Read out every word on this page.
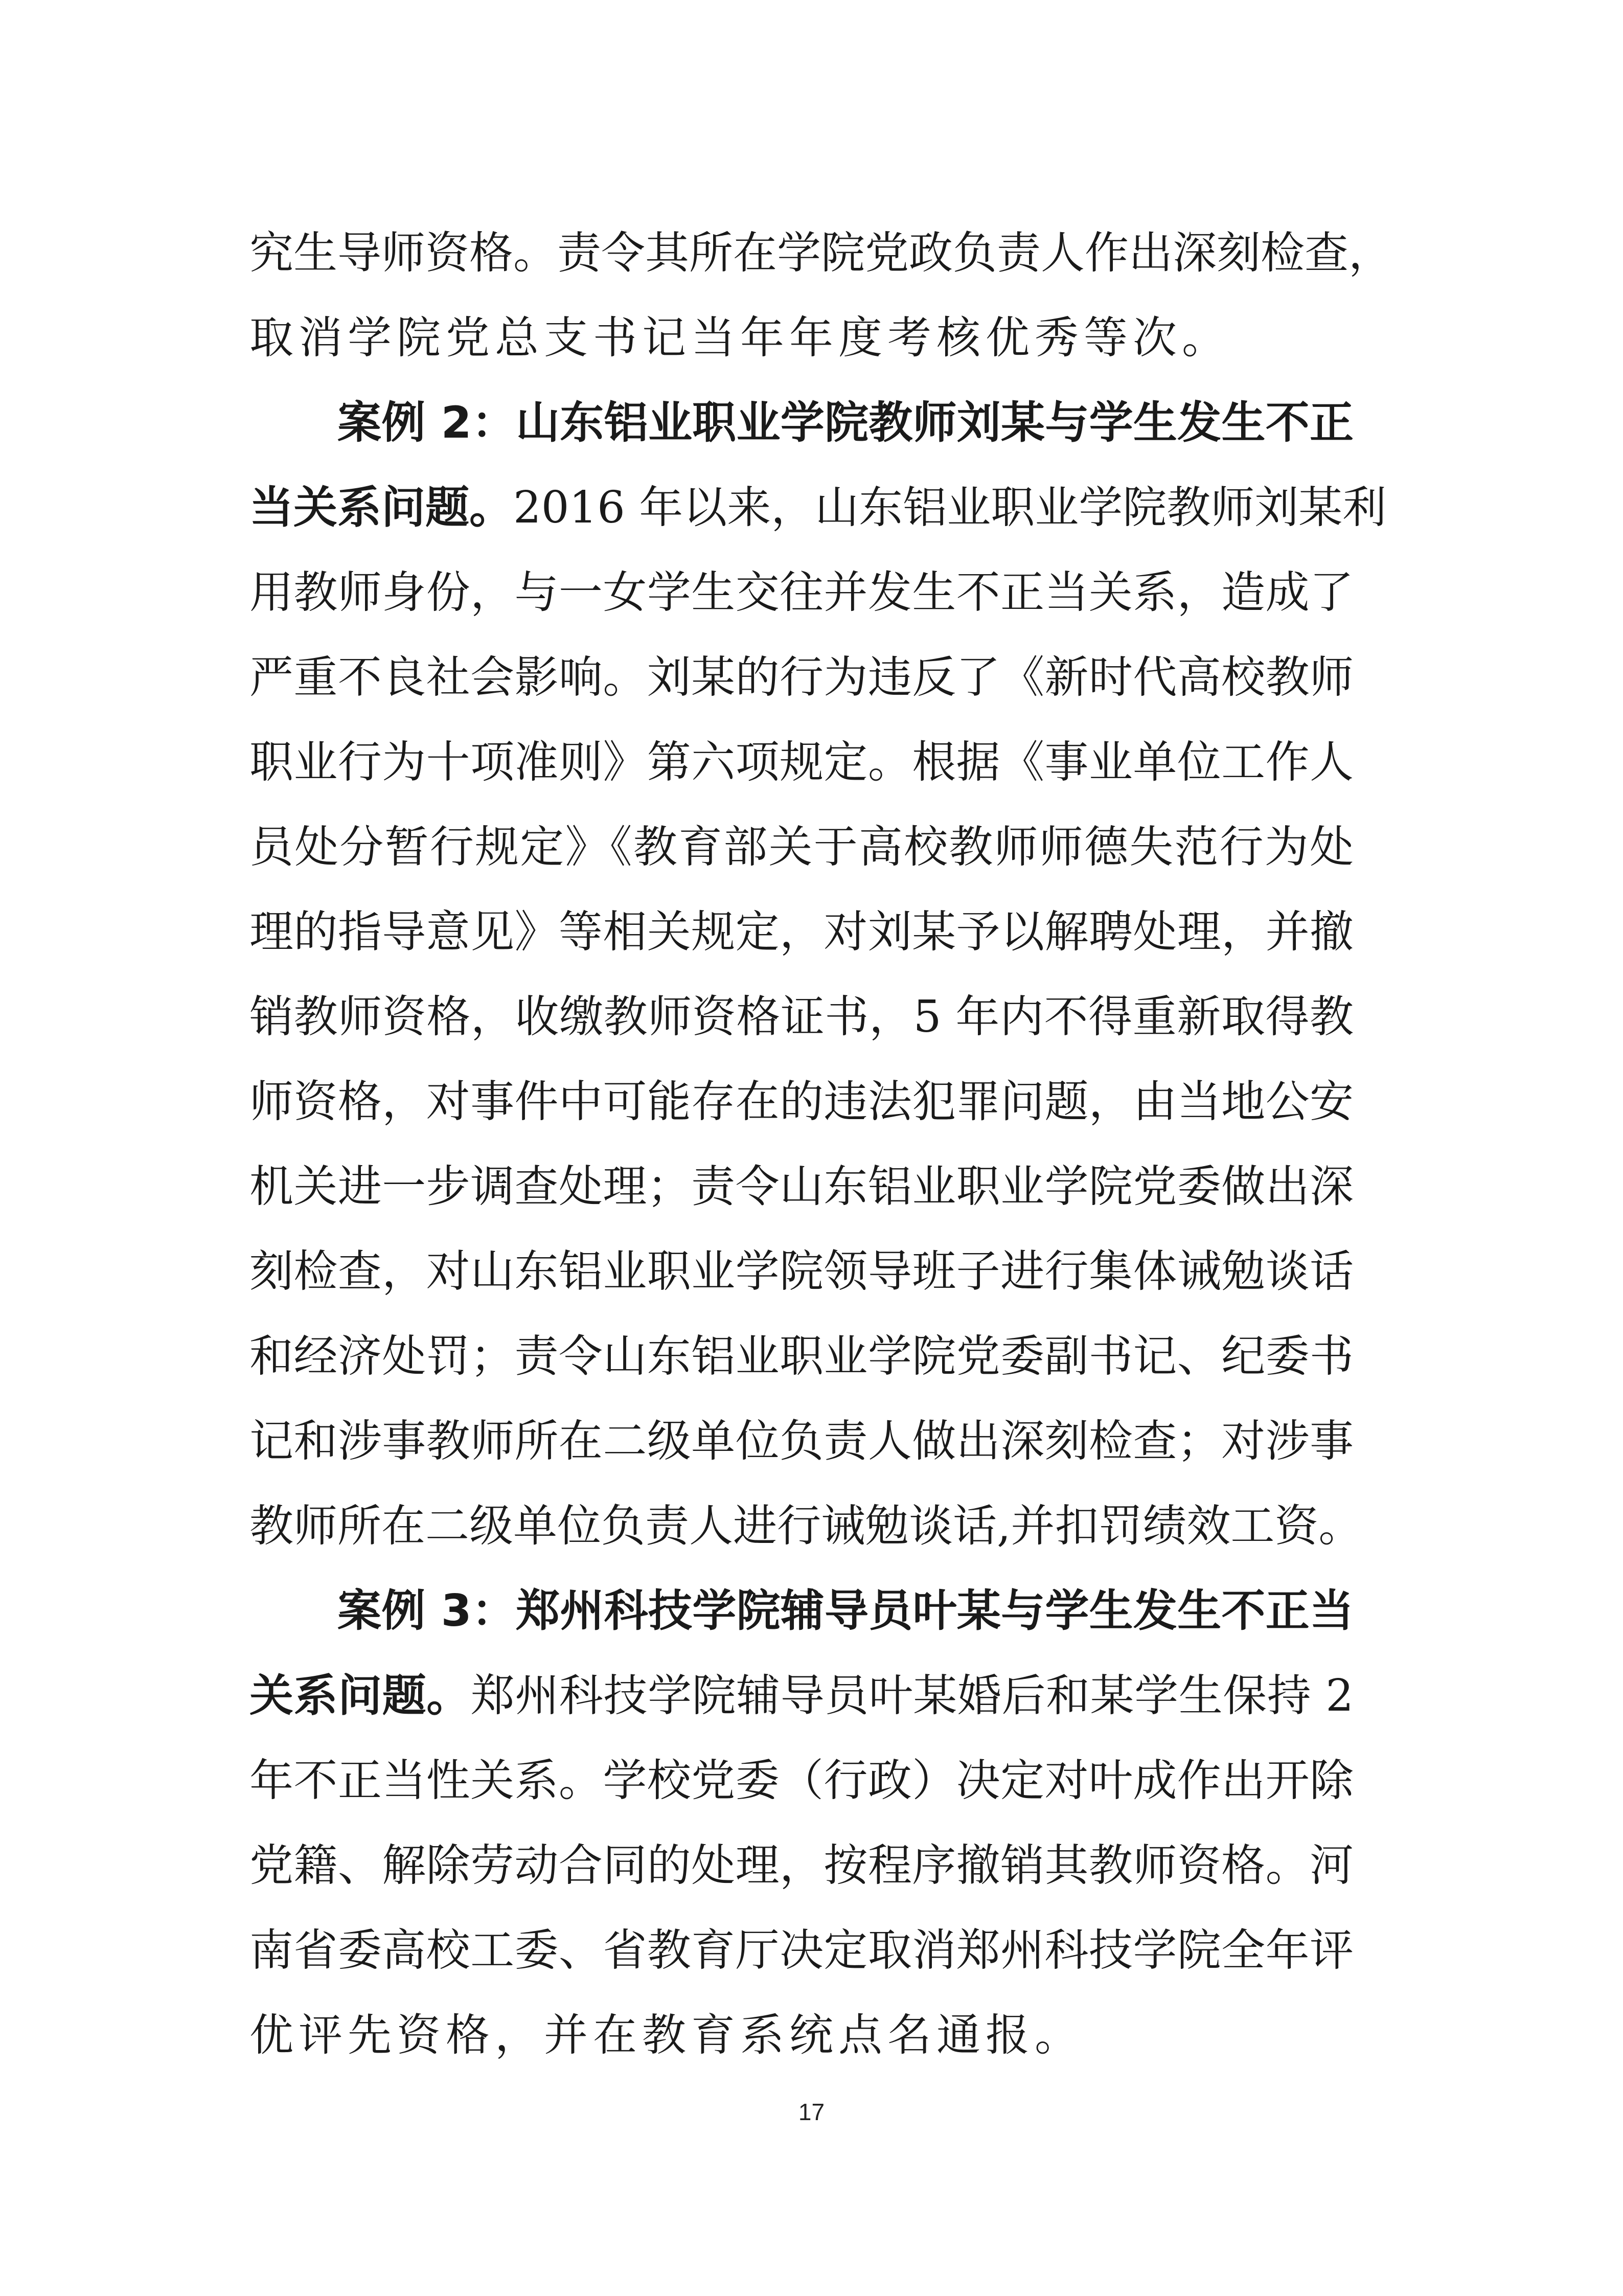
究生导师资格。责令其所在学院党政负责人作出深刻检查，
取消学院党总支书记当年年度考核优秀等次。
案例 2：山东铝业职业学院教师刘某与学生发生不正
当关系问题。2016 年以来，山东铝业职业学院教师刘某利
用教师身份，与一女学生交往并发生不正当关系，造成了
严重不良社会影响。刘某的行为违反了《新时代高校教师
职业行为十项准则》第六项规定。根据《事业单位工作人
员处分暂行规定》《教育部关于高校教师师德失范行为处
理的指导意见》等相关规定，对刘某予以解聘处理，并撤
销教师资格，收缴教师资格证书，5 年内不得重新取得教
师资格，对事件中可能存在的违法犯罪问题，由当地公安
机关进一步调查处理；责令山东铝业职业学院党委做出深
刻检查，对山东铝业职业学院领导班子进行集体诫勉谈话
和经济处罚；责令山东铝业职业学院党委副书记、纪委书
记和涉事教师所在二级单位负责人做出深刻检查；对涉事
教师所在二级单位负责人进行诫勉谈话,并扣罚绩效工资。
案例 3：郑州科技学院辅导员叶某与学生发生不正当
关系问题。郑州科技学院辅导员叶某婚后和某学生保持 2
年不正当性关系。学校党委（行政）决定对叶成作出开除
党籍、解除劳动合同的处理，按程序撤销其教师资格。河
南省委高校工委、省教育厅决定取消郑州科技学院全年评
优评先资格，并在教育系统点名通报。
17
